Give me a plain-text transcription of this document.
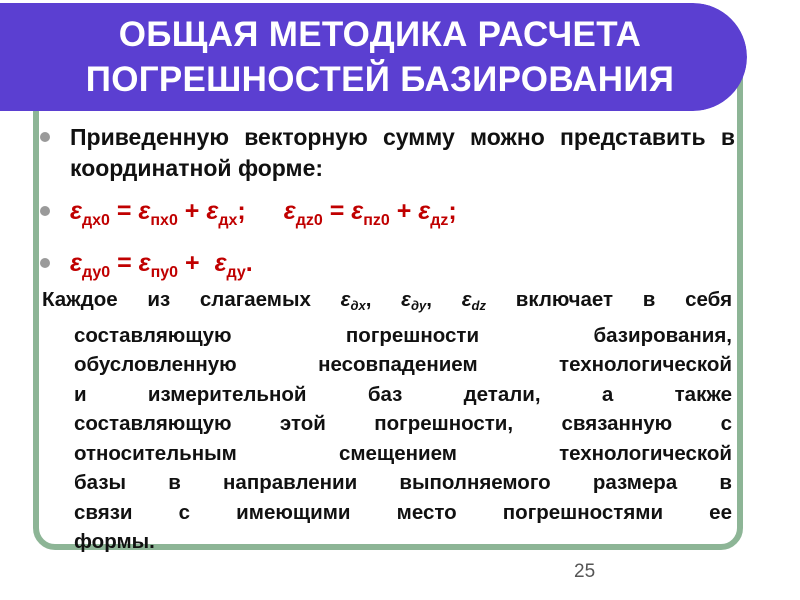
ОБЩАЯ МЕТОДИКА РАСЧЕТА
ПОГРЕШНОСТЕЙ БАЗИРОВАНИЯ
Приведенную векторную сумму можно представить в координатной форме:
$\varepsilon_{дх0} = \varepsilon_{пх0} + \varepsilon_{дх}$; $\varepsilon_{дz0} = \varepsilon_{пz0} + \varepsilon_{дz}$;
$\varepsilon_{ду0} = \varepsilon_{пу0} + \varepsilon_{ду}$.
Каждое из слагаемых $\varepsilon_{дх}$, $\varepsilon_{ду}$, $\varepsilon_{dz}$ включает в себя
составляющую погрешности базирования,
обусловленную несовпадением технологической
и измерительной баз детали, а также
составляющую этой погрешности, связанную с
относительным смещением технологической
базы в направлении выполняемого размера в
связи с имеющими место погрешностями ее
формы.
25
